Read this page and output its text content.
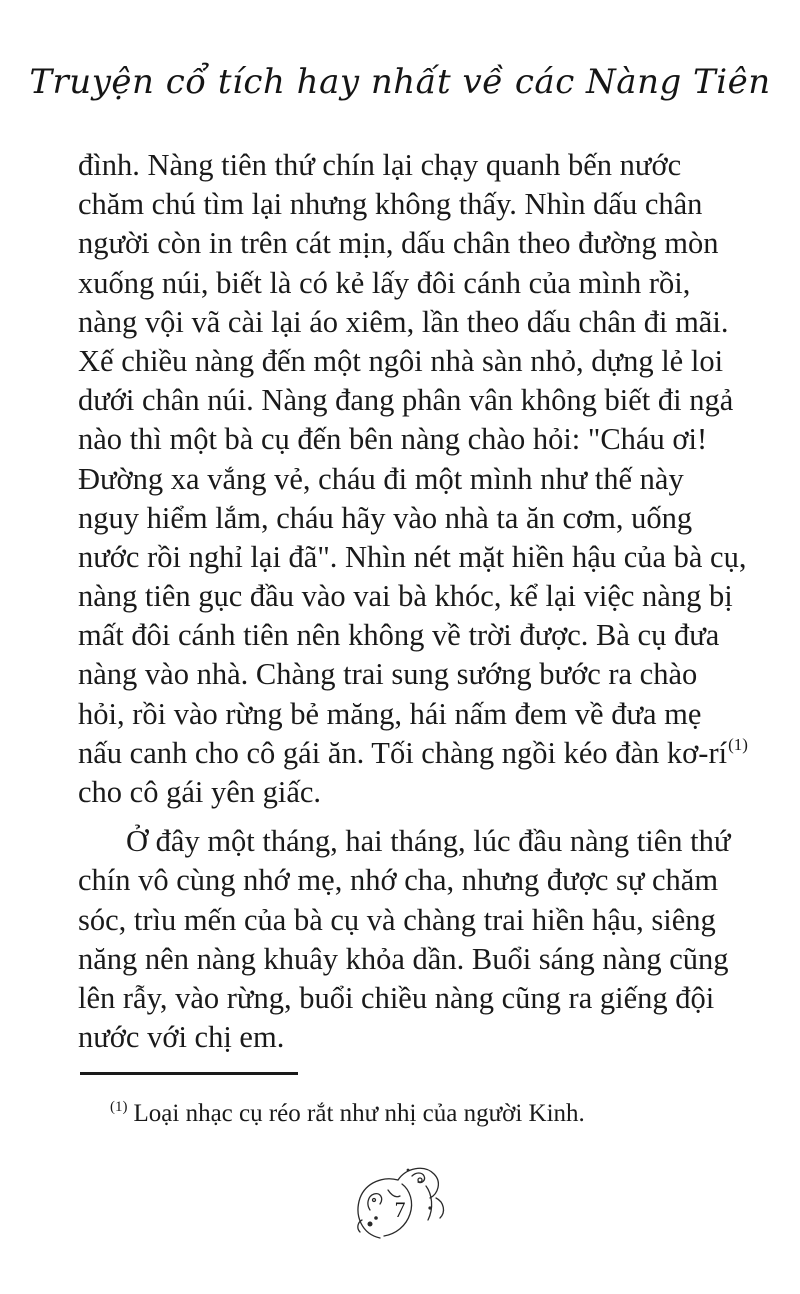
Truyện cổ tích hay nhất về các Nàng Tiên
đình. Nàng tiên thứ chín lại chạy quanh bến nước
chăm chú tìm lại nhưng không thấy. Nhìn dấu chân
người còn in trên cát mịn, dấu chân theo đường mòn
xuống núi, biết là có kẻ lấy đôi cánh của mình rồi,
nàng vội vã cài lại áo xiêm, lần theo dấu chân đi mãi.
Xế chiều nàng đến một ngôi nhà sàn nhỏ, dựng lẻ loi
dưới chân núi. Nàng đang phân vân không biết đi ngả
nào thì một bà cụ đến bên nàng chào hỏi: "Cháu ơi!
Đường xa vắng vẻ, cháu đi một mình như thế này
nguy hiểm lắm, cháu hãy vào nhà ta ăn cơm, uống
nước rồi nghỉ lại đã". Nhìn nét mặt hiền hậu của bà cụ,
nàng tiên gục đầu vào vai bà khóc, kể lại việc nàng bị
mất đôi cánh tiên nên không về trời được. Bà cụ đưa
nàng vào nhà. Chàng trai sung sướng bước ra chào
hỏi, rồi vào rừng bẻ măng, hái nấm đem về đưa mẹ
nấu canh cho cô gái ăn. Tối chàng ngồi kéo đàn kơ-rí$^{(1)}$
cho cô gái yên giấc.
Ở đây một tháng, hai tháng, lúc đầu nàng tiên thứ
chín vô cùng nhớ mẹ, nhớ cha, nhưng được sự chăm
sóc, trìu mến của bà cụ và chàng trai hiền hậu, siêng
năng nên nàng khuây khỏa dần. Buổi sáng nàng cũng
lên rẫy, vào rừng, buổi chiều nàng cũng ra giếng đội
nước với chị em.
$^{(1)}$ Loại nhạc cụ réo rắt như nhị của người Kinh.
7
